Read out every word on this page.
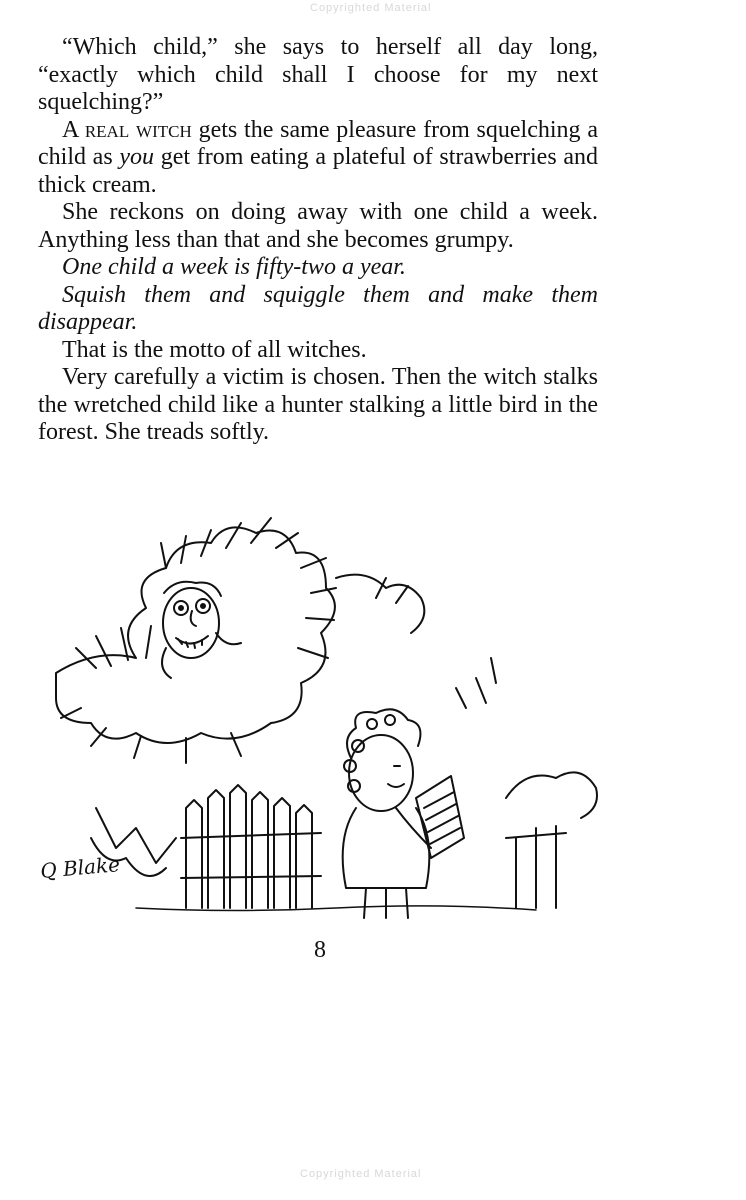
Copyrighted Material

“Which child,” she says to herself all day long, “exactly which child shall I choose for my next squelching?”

A real witch gets the same pleasure from squelching a child as you get from eating a plateful of strawberries and thick cream.

She reckons on doing away with one child a week. Anything less than that and she becomes grumpy.

One child a week is fifty-two a year.

Squish them and squiggle them and make them disappear.

That is the motto of all witches.

Very carefully a victim is chosen. Then the witch stalks the wretched child like a hunter stalking a little bird in the forest. She treads softly.

Q Blake
8
Copyrighted Material
